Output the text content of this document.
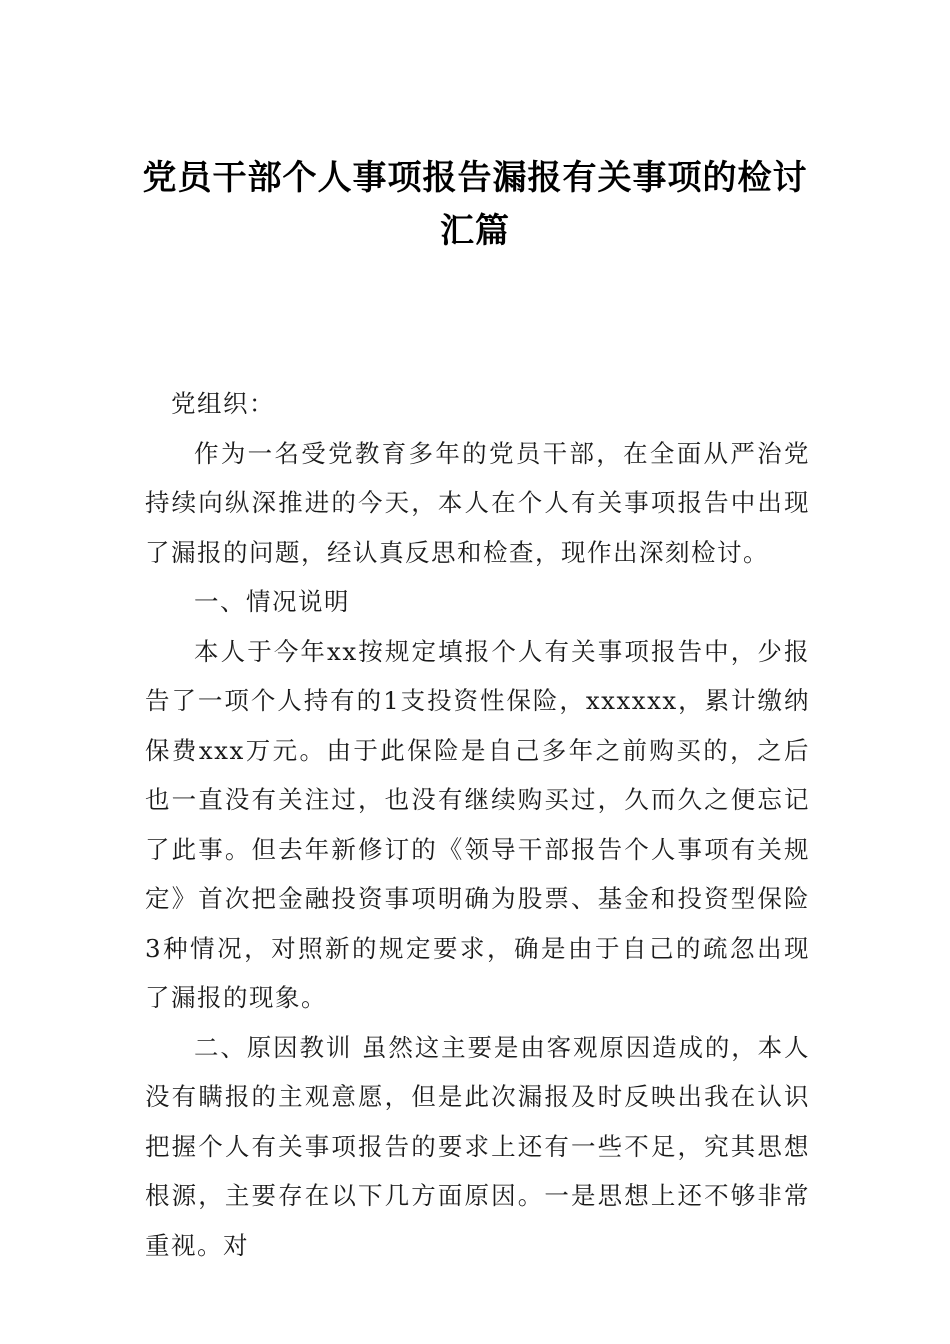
党员干部个人事项报告漏报有关事项的检讨汇篇

党组织：

作为一名受党教育多年的党员干部，在全面从严治党持续向纵深推进的今天，本人在个人有关事项报告中出现了漏报的问题，经认真反思和检查，现作出深刻检讨。

一、情况说明

本人于今年xx按规定填报个人有关事项报告中，少报告了一项个人持有的1支投资性保险，xxxxxx，累计缴纳保费xxx万元。由于此保险是自己多年之前购买的，之后也一直没有关注过，也没有继续购买过，久而久之便忘记了此事。但去年新修订的《领导干部报告个人事项有关规定》首次把金融投资事项明确为股票、基金和投资型保险3种情况，对照新的规定要求，确是由于自己的疏忽出现了漏报的现象。

二、原因教训 虽然这主要是由客观原因造成的，本人没有瞒报的主观意愿，但是此次漏报及时反映出我在认识把握个人有关事项报告的要求上还有一些不足，究其思想根源，主要存在以下几方面原因。一是思想上还不够非常重视。对
